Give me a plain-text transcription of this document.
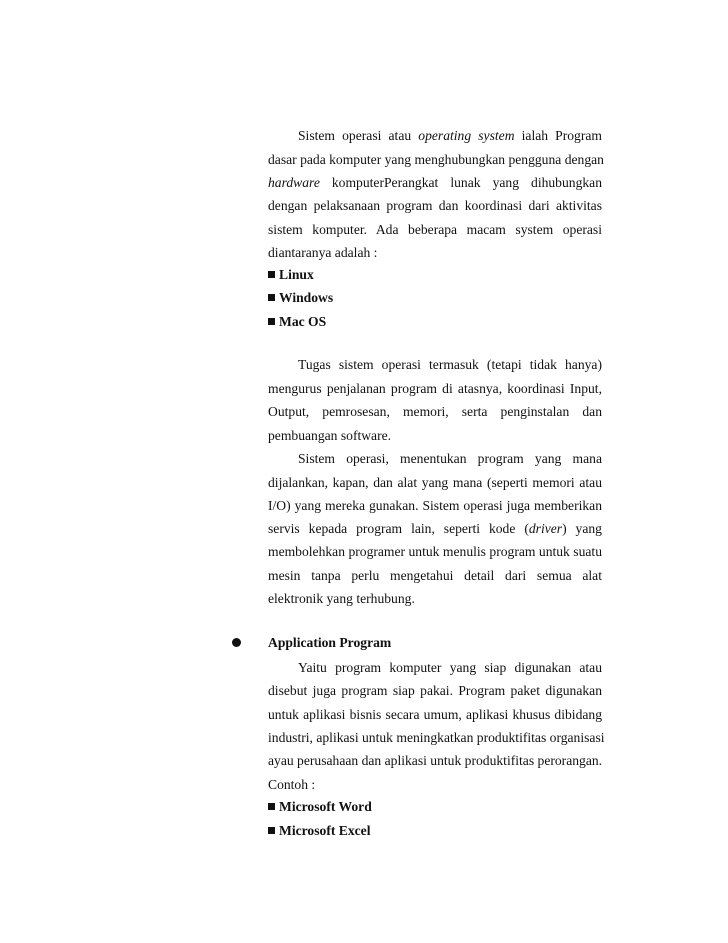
Sistem operasi atau operating system ialah Program
dasar pada komputer yang menghubungkan pengguna dengan
hardware komputerPerangkat lunak yang dihubungkan
dengan pelaksanaan program dan koordinasi dari aktivitas
sistem komputer. Ada beberapa macam system operasi
diantaranya adalah :
Linux
Windows
Mac OS
Tugas sistem operasi termasuk (tetapi tidak hanya)
mengurus penjalanan program di atasnya, koordinasi Input,
Output, pemrosesan, memori, serta penginstalan dan
pembuangan software.
Sistem operasi, menentukan program yang mana
dijalankan, kapan, dan alat yang mana (seperti memori atau
I/O) yang mereka gunakan. Sistem operasi juga memberikan
servis kepada program lain, seperti kode (driver) yang
membolehkan programer untuk menulis program untuk suatu
mesin tanpa perlu mengetahui detail dari semua alat
elektronik yang terhubung.
Application Program
Yaitu program komputer yang siap digunakan atau
disebut juga program siap pakai. Program paket digunakan
untuk aplikasi bisnis secara umum, aplikasi khusus dibidang
industri, aplikasi untuk meningkatkan produktifitas organisasi
ayau perusahaan dan aplikasi untuk produktifitas perorangan.
Contoh :
Microsoft Word
Microsoft Excel
